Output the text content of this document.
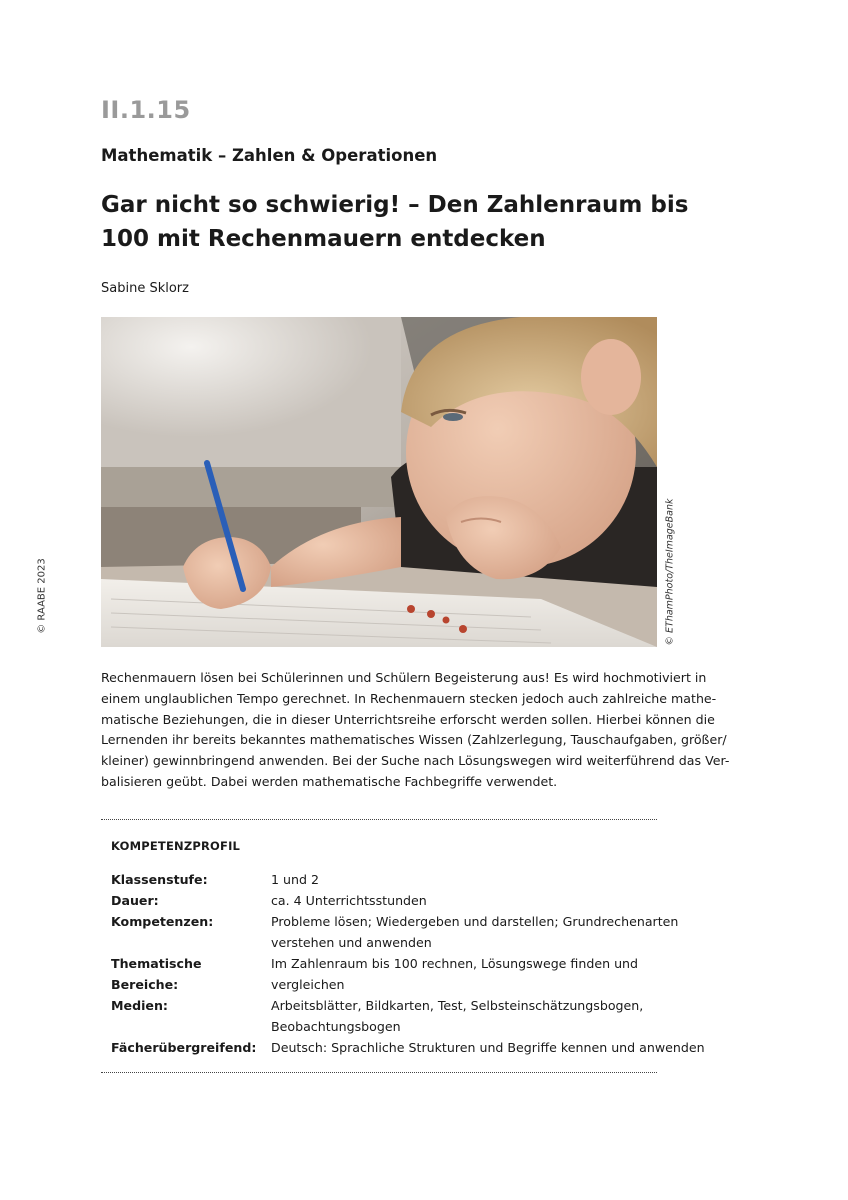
II.1.15
Mathematik – Zahlen & Operationen
Gar nicht so schwierig! – Den Zahlenraum bis
100 mit Rechenmauern entdecken
Sabine Sklorz
© RAABE 2023	© EThamPhoto/TheImageBank
Rechenmauern lösen bei Schülerinnen und Schülern Begeisterung aus! Es wird hochmotiviert in
einem unglaublichen Tempo gerechnet. In Rechenmauern stecken jedoch auch zahlreiche mathe-
matische Beziehungen, die in dieser Unterrichtsreihe erforscht werden sollen. Hierbei können die
Lernenden ihr bereits bekanntes mathematisches Wissen (Zahlzerlegung, Tauschaufgaben, größer/
kleiner) gewinnbringend anwenden. Bei der Suche nach Lösungswegen wird weiterführend das Ver-
balisieren geübt. Dabei werden mathematische Fachbegriffe verwendet.
KOMPETENZPROFIL
Klassenstufe:	1 und 2
Dauer:	ca. 4 Unterrichtsstunden
Kompetenzen:	Probleme lösen; Wiedergeben und darstellen; Grundrechenarten
verstehen und anwenden
Thematische Bereiche:
Im Zahlenraum bis 100 rechnen, Lösungswege finden und
vergleichen
Medien:	Arbeitsblätter, Bildkarten, Test, Selbsteinschätzungsbogen,
Beobachtungsbogen
Fächerübergreifend:	Deutsch: Sprachliche Strukturen und Begriffe kennen und anwenden
